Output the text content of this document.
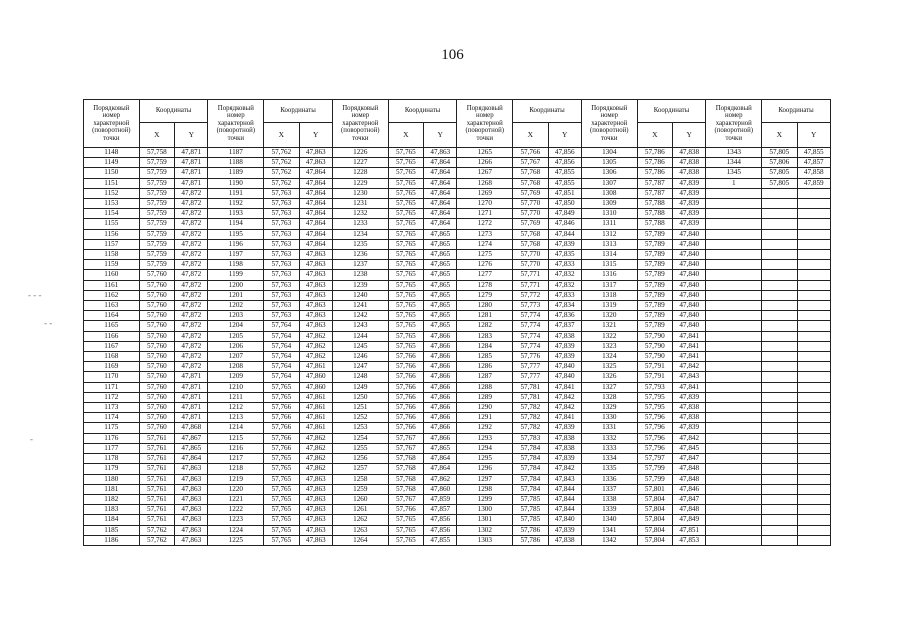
106
- - -
- -
-
Порядковый номер характерной (поворотной) точки	Координаты		Порядковый номер характерной (поворотной) точки	Координаты		Порядковый номер характерной (поворотной) точки	Координаты		Порядковый номер характерной (поворотной) точки	Координаты		Порядковый номер характерной (поворотной) точки	Координаты		Порядковый номер характерной (поворотной) точки	Координаты	
	X	Y		X	Y		X	Y		X	Y		X	Y		X	Y
1148	57,758	47,871	1187	57,762	47,863	1226	57,765	47,863	1265	57,766	47,856	1304	57,786	47,838	1343	57,805	47,855
1149	57,759	47,871	1188	57,762	47,863	1227	57,765	47,864	1266	57,767	47,856	1305	57,786	47,838	1344	57,806	47,857
1150	57,759	47,871	1189	57,762	47,864	1228	57,765	47,864	1267	57,768	47,855	1306	57,786	47,838	1345	57,805	47,858
1151	57,759	47,871	1190	57,762	47,864	1229	57,765	47,864	1268	57,768	47,855	1307	57,787	47,839	1	57,805	47,859
1152	57,759	47,872	1191	57,763	47,864	1230	57,765	47,864	1269	57,769	47,851	1308	57,787	47,839			
1153	57,759	47,872	1192	57,763	47,864	1231	57,765	47,864	1270	57,770	47,850	1309	57,788	47,839			
1154	57,759	47,872	1193	57,763	47,864	1232	57,765	47,864	1271	57,770	47,849	1310	57,788	47,839			
1155	57,759	47,872	1194	57,763	47,864	1233	57,765	47,864	1272	57,769	47,846	1311	57,788	47,839			
1156	57,759	47,872	1195	57,763	47,864	1234	57,765	47,865	1273	57,768	47,844	1312	57,789	47,840			
1157	57,759	47,872	1196	57,763	47,864	1235	57,765	47,865	1274	57,768	47,839	1313	57,789	47,840			
1158	57,759	47,872	1197	57,763	47,863	1236	57,765	47,865	1275	57,770	47,835	1314	57,789	47,840			
1159	57,759	47,872	1198	57,763	47,863	1237	57,765	47,865	1276	57,770	47,833	1315	57,789	47,840			
1160	57,760	47,872	1199	57,763	47,863	1238	57,765	47,865	1277	57,771	47,832	1316	57,789	47,840			
1161	57,760	47,872	1200	57,763	47,863	1239	57,765	47,865	1278	57,771	47,832	1317	57,789	47,840			
1162	57,760	47,872	1201	57,763	47,863	1240	57,765	47,865	1279	57,772	47,833	1318	57,789	47,840			
1163	57,760	47,872	1202	57,763	47,863	1241	57,765	47,865	1280	57,773	47,834	1319	57,789	47,840			
1164	57,760	47,872	1203	57,763	47,863	1242	57,765	47,865	1281	57,774	47,836	1320	57,789	47,840			
1165	57,760	47,872	1204	57,764	47,863	1243	57,765	47,865	1282	57,774	47,837	1321	57,789	47,840			
1166	57,760	47,872	1205	57,764	47,862	1244	57,765	47,866	1283	57,774	47,838	1322	57,790	47,841			
1167	57,760	47,872	1206	57,764	47,862	1245	57,765	47,866	1284	57,774	47,839	1323	57,790	47,841			
1168	57,760	47,872	1207	57,764	47,862	1246	57,766	47,866	1285	57,776	47,839	1324	57,790	47,841			
1169	57,760	47,872	1208	57,764	47,861	1247	57,766	47,866	1286	57,777	47,840	1325	57,791	47,842			
1170	57,760	47,871	1209	57,764	47,860	1248	57,766	47,866	1287	57,777	47,840	1326	57,791	47,843			
1171	57,760	47,871	1210	57,765	47,860	1249	57,766	47,866	1288	57,781	47,841	1327	57,793	47,841			
1172	57,760	47,871	1211	57,765	47,861	1250	57,766	47,866	1289	57,781	47,842	1328	57,795	47,839			
1173	57,760	47,871	1212	57,766	47,861	1251	57,766	47,866	1290	57,782	47,842	1329	57,795	47,838			
1174	57,760	47,871	1213	57,766	47,861	1252	57,766	47,866	1291	57,782	47,841	1330	57,796	47,838			
1175	57,760	47,868	1214	57,766	47,861	1253	57,766	47,866	1292	57,782	47,839	1331	57,796	47,839			
1176	57,761	47,867	1215	57,766	47,862	1254	57,767	47,866	1293	57,783	47,838	1332	57,796	47,842			
1177	57,761	47,865	1216	57,766	47,862	1255	57,767	47,865	1294	57,784	47,838	1333	57,796	47,845			
1178	57,761	47,864	1217	57,765	47,862	1256	57,768	47,864	1295	57,784	47,839	1334	57,797	47,847			
1179	57,761	47,863	1218	57,765	47,862	1257	57,768	47,864	1296	57,784	47,842	1335	57,799	47,848			
1180	57,761	47,863	1219	57,765	47,863	1258	57,768	47,862	1297	57,784	47,843	1336	57,799	47,848			
1181	57,761	47,863	1220	57,765	47,863	1259	57,768	47,860	1298	57,784	47,844	1337	57,801	47,846			
1182	57,761	47,863	1221	57,765	47,863	1260	57,767	47,859	1299	57,785	47,844	1338	57,804	47,847			
1183	57,761	47,863	1222	57,765	47,863	1261	57,766	47,857	1300	57,785	47,844	1339	57,804	47,848			
1184	57,761	47,863	1223	57,765	47,863	1262	57,765	47,856	1301	57,785	47,840	1340	57,804	47,849			
1185	57,762	47,863	1224	57,765	47,863	1263	57,765	47,856	1302	57,786	47,839	1341	57,804	47,851			
1186	57,762	47,863	1225	57,765	47,863	1264	57,765	47,855	1303	57,786	47,838	1342	57,804	47,853			
